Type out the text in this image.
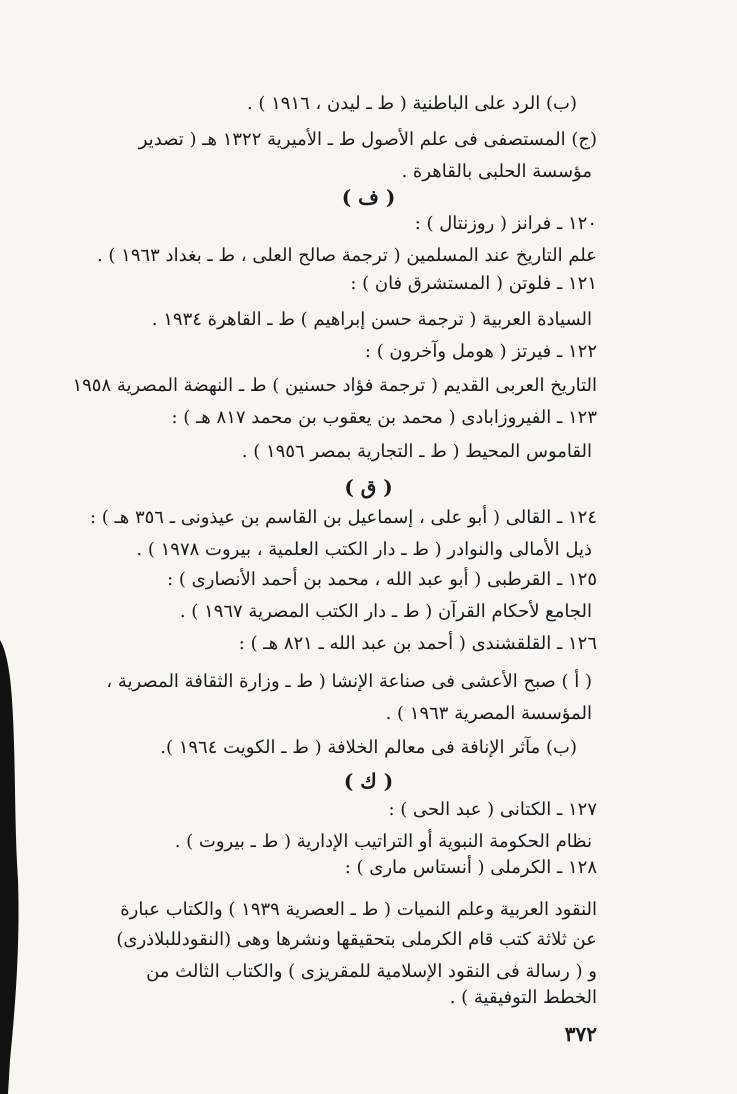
(ب) الرد على الباطنية ( ط ـ ليدن ، ١٩١٦ ) .
(ج) المستصفى فى علم الأصول ط ـ الأميرية ١٣٢٢ هـ ( تصدير
مؤسسة الحلبى بالقاهرة .
( ف )
١٢٠ ـ فرانز ( روزنتال ) :
علم التاريخ عند المسلمين ( ترجمة صالح العلى ، ط ـ بغداد ١٩٦٣ ) .
١٢١ ـ فلوتن ( المستشرق فان ) :
السيادة العربية ( ترجمة حسن إبراهيم ) ط ـ القاهرة ١٩٣٤ .
١٢٢ ـ فيرتز ( هومل وآخرون ) :
التاريخ العربى القديم ( ترجمة فؤاد حسنين ) ط ـ النهضة المصرية ١٩٥٨
١٢٣ ـ الفيروزابادى ( محمد بن يعقوب بن محمد ٨١٧ هـ ) :
القاموس المحيط ( ط ـ التجارية بمصر ١٩٥٦ ) .
( ق )
١٢٤ ـ القالى ( أبو على ، إسماعيل بن القاسم بن عيذونى ـ ٣٥٦ هـ ) :
ذيل الأمالى والنوادر ( ط ـ دار الكتب العلمية ، بيروت ١٩٧٨ ) .
١٢٥ ـ القرطبى ( أبو عبد الله ، محمد بن أحمد الأنصارى ) :
الجامع لأحكام القرآن ( ط ـ دار الكتب المصرية ١٩٦٧ ) .
١٢٦ ـ القلقشندى ( أحمد بن عبد الله ـ ٨٢١ هـ ) :
( أ ) صبح الأعشى فى صناعة الإنشا ( ط ـ وزارة الثقافة المصرية ،
المؤسسة المصرية ١٩٦٣ ) .
(ب) مآثر الإنافة فى معالم الخلافة ( ط ـ الكويت ١٩٦٤ ).
( ك )
١٢٧ ـ الكتانى ( عبد الحى ) :
نظام الحكومة النبوية أو التراتيب الإدارية ( ط ـ بيروت ) .
١٢٨ ـ الكرملى ( أنستاس مارى ) :
النقود العربية وعلم النميات ( ط ـ العصرية ١٩٣٩ ) والكتاب عبارة
عن ثلاثة كتب قام الكرملى بتحقيقها ونشرها وهى (النقودللبلاذرى)
و ( رسالة فى النقود الإسلامية للمقريزى ) والكتاب الثالث من
الخطط التوفيقية ) .
٣٧٢
